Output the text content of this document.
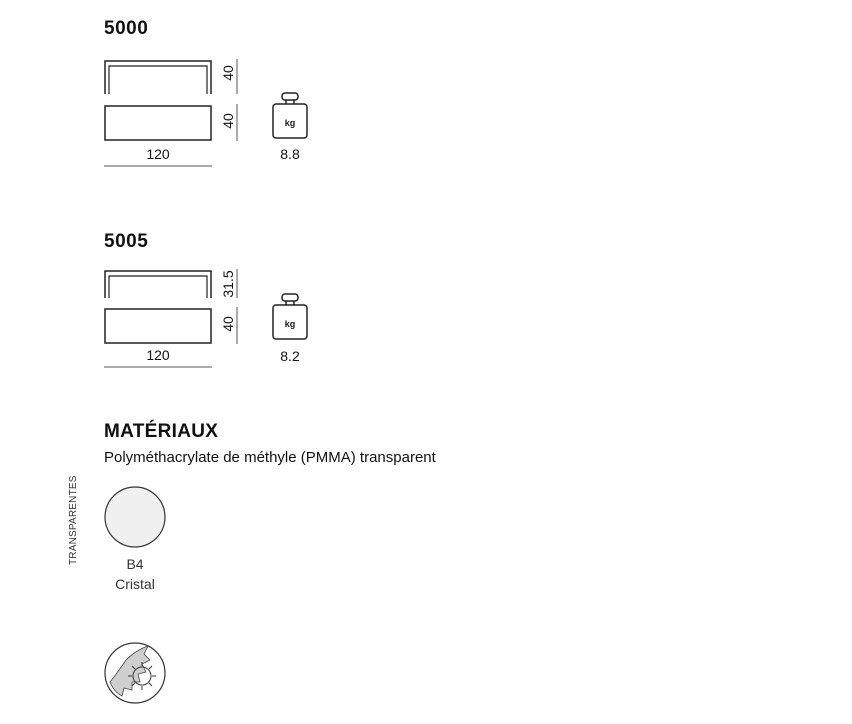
5000
40
40
120
kg
8.8
5005
31.5
40
120
kg
8.2
MATÉRIAUX
Polyméthacrylate de méthyle (PMMA) transparent
TRANSPARENTES	B4
Cristal
